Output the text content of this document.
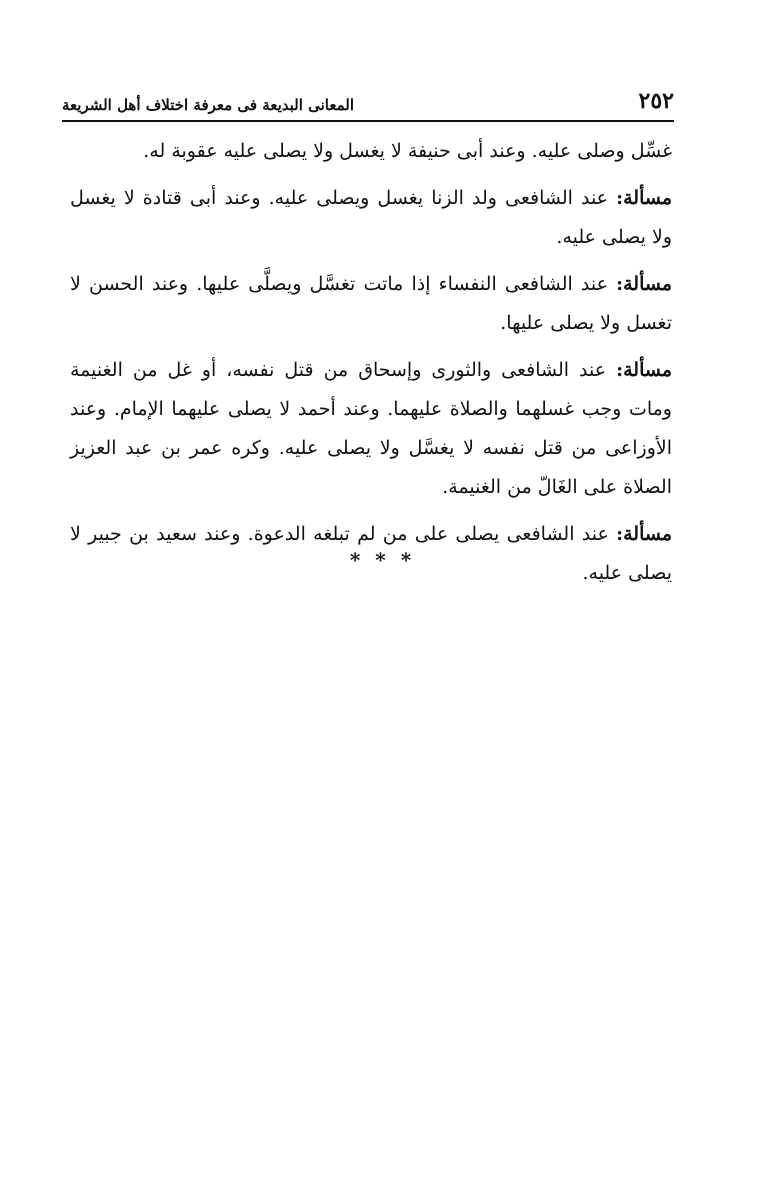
٢٥٢
المعانى البديعة فى معرفة اختلاف أهل الشريعة

غسِّل وصلى عليه. وعند أبى حنيفة لا يغسل ولا يصلى عليه عقوبة له.

مسألة: عند الشافعى ولد الزنا يغسل ويصلى عليه. وعند أبى قتادة لا يغسل ولا يصلى عليه.

مسألة: عند الشافعى النفساء إذا ماتت تغسَّل ويصلَّى عليها. وعند الحسن لا تغسل ولا يصلى عليها.

مسألة: عند الشافعى والثورى وإسحاق من قتل نفسه، أو غل من الغنيمة ومات وجب غسلهما والصلاة عليهما. وعند أحمد لا يصلى عليهما الإمام. وعند الأوزاعى من قتل نفسه لا يغسَّل ولا يصلى عليه. وكره عمر بن عبد العزيز الصلاة على الغَالّ من الغنيمة.

مسألة: عند الشافعى يصلى على من لم تبلغه الدعوة. وعند سعيد بن جبير لا يصلى عليه.

* * *
